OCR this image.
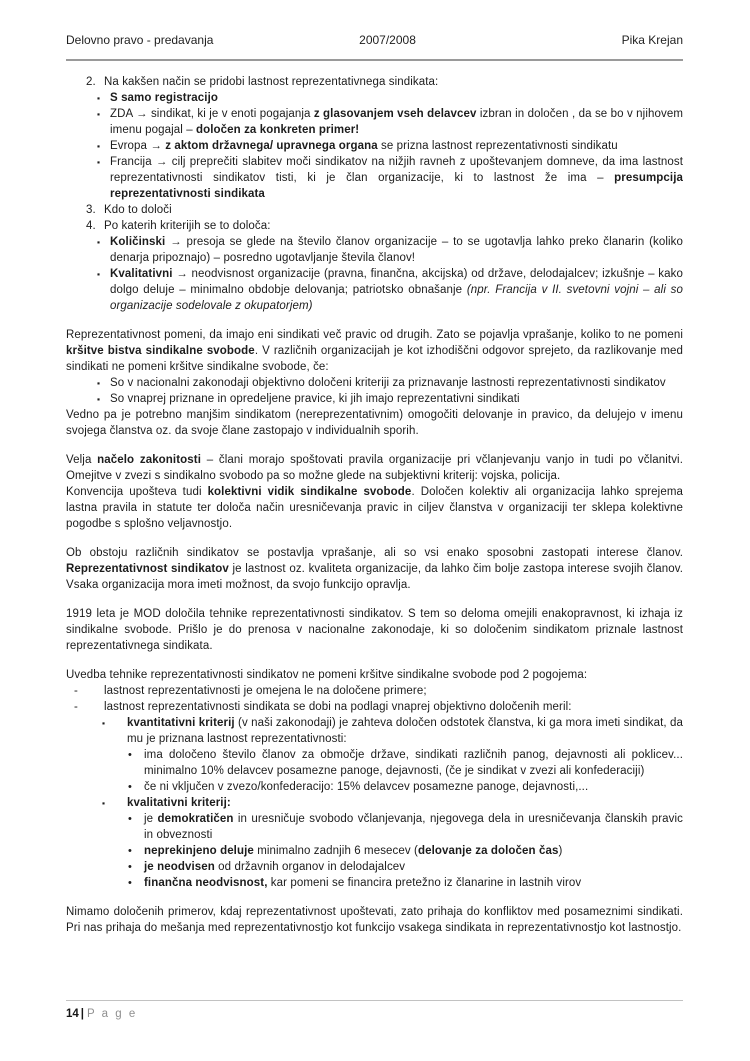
Delovno pravo - predavanja	2007/2008	Pika Krejan
2. Na kakšen način se pridobi lastnost reprezentativnega sindikata:
▪ S samo registracijo
▪ ZDA → sindikat, ki je v enoti pogajanja z glasovanjem vseh delavcev izbran in določen , da se bo v njihovem imenu pogajal – določen za konkreten primer!
▪ Evropa → z aktom državnega/ upravnega organa se prizna lastnost reprezentativnosti sindikatu
▪ Francija → cilj preprečiti slabitev moči sindikatov na nižjih ravneh z upoštevanjem domneve, da ima lastnost reprezentativnosti sindikatov tisti, ki je član organizacije, ki to lastnost že ima – presumpcija reprezentativnosti sindikata
3. Kdo to določi
4. Po katerih kriterijih se to določa:
▪ Količinski → presoja se glede na število članov organizacije – to se ugotavlja lahko preko članarin (koliko denarja pripoznajo) – posredno ugotavljanje števila članov!
▪ Kvalitativni → neodvisnost organizacije (pravna, finančna, akcijska) od države, delodajalcev; izkušnje – kako dolgo deluje – minimalno obdobje delovanja; patriotsko obnašanje (npr. Francija v II. svetovni vojni – ali so organizacije sodelovale z okupatorjem)
Reprezentativnost pomeni, da imajo eni sindikati več pravic od drugih. Zato se pojavlja vprašanje, koliko to ne pomeni kršitve bistva sindikalne svobode. V različnih organizacijah je kot izhodiščni odgovor sprejeto, da razlikovanje med sindikati ne pomeni kršitve sindikalne svobode, če:
▪ So v nacionalni zakonodaji objektivno določeni kriteriji za priznavanje lastnosti reprezentativnosti sindikatov
▪ So vnaprej priznane in opredeljene pravice, ki jih imajo reprezentativni sindikati
Vedno pa je potrebno manjšim sindikatom (nereprezentativnim) omogočiti delovanje in pravico, da delujejo v imenu svojega članstva oz. da svoje člane zastopajo v individualnih sporih.
Velja načelo zakonitosti – člani morajo spoštovati pravila organizacije pri včlanjevanju vanjo in tudi po včlanitvi. Omejitve v zvezi s sindikalno svobodo pa so možne glede na subjektivni kriterij: vojska, policija.
Konvencija upošteva tudi kolektivni vidik sindikalne svobode. Določen kolektiv ali organizacija lahko sprejema lastna pravila in statute ter določa način uresničevanja pravic in ciljev članstva v organizaciji ter sklepa kolektivne pogodbe s splošno veljavnostjo.
Ob obstoju različnih sindikatov se postavlja vprašanje, ali so vsi enako sposobni zastopati interese članov. Reprezentativnost sindikatov je lastnost oz. kvaliteta organizacije, da lahko čim bolje zastopa interese svojih članov. Vsaka organizacija mora imeti možnost, da svojo funkcijo opravlja.
1919 leta je MOD določila tehnike reprezentativnosti sindikatov. S tem so deloma omejili enakopravnost, ki izhaja iz sindikalne svobode. Prišlo je do prenosa v nacionalne zakonodaje, ki so določenim sindikatom priznale lastnost reprezentativnega sindikata.
Uvedba tehnike reprezentativnosti sindikatov ne pomeni kršitve sindikalne svobode pod 2 pogojema:
- lastnost reprezentativnosti je omejena le na določene primere;
- lastnost reprezentativnosti sindikata se dobi na podlagi vnaprej objektivno določenih meril:
▪ kvantitativni kriterij (v naši zakonodaji) je zahteva določen odstotek članstva, ki ga mora imeti sindikat, da mu je priznana lastnost reprezentativnosti:
• ima določeno število članov za območje države, sindikati različnih panog, dejavnosti ali poklicev... minimalno 10% delavcev posamezne panoge, dejavnosti, (če je sindikat v zvezi ali konfederaciji)
• če ni vključen v zvezo/konfederacijo: 15% delavcev posamezne panoge, dejavnosti,...
▪ kvalitativni kriterij:
• je demokratičen in uresničuje svobodo včlanjevanja, njegovega dela in uresničevanja članskih pravic in obveznosti
• neprekinjeno deluje minimalno zadnjih 6 mesecev (delovanje za določen čas)
• je neodvisen od državnih organov in delodajalcev
• finančna neodvisnost, kar pomeni se financira pretežno iz članarine in lastnih virov
Nimamo določenih primerov, kdaj reprezentativnost upoštevati, zato prihaja do konfliktov med posameznimi sindikati. Pri nas prihaja do mešanja med reprezentativnostjo kot funkcijo vsakega sindikata in reprezentativnostjo kot lastnostjo.
14 | P a g e
